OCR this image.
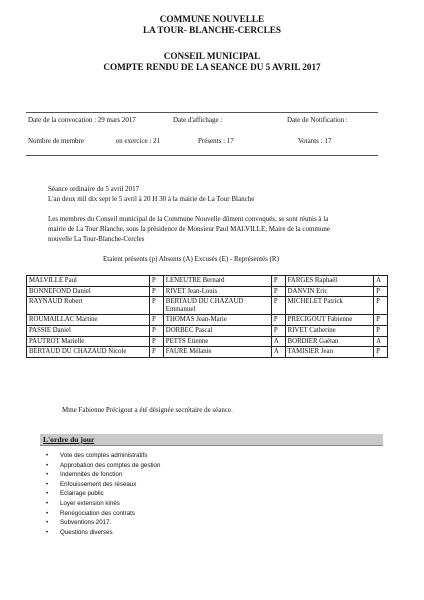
COMMUNE NOUVELLE
LA TOUR- BLANCHE-CERCLES
CONSEIL MUNICIPAL
COMPTE RENDU DE LA SEANCE DU 5 AVRIL 2017
Date de la convocation : 29 mars 2017	Date d'affichage :	Date de Notification :
Nombre de membre	en exercice : 21	Présents : 17	Votants : 17
Séance ordinaire du 5 avril 2017
L'an deux mil dix sept le 5 avril à 20 H 30 à la mairie de La Tour Blanche
Les membres du Conseil municipal de la Commune Nouvelle dûment convoqués, se sont réunis à la
mairie de La Tour Blanche, sous la présidence de Monsieur Paul MALVILLE, Maire de la commune
nouvelle La Tour-Blanche-Cercles
Etaient présents (p) Absents (A) Excusés (E) - Représentés (R)
MALVILLE Paul	P	LENEUTRE Bernard	P	FARGES Raphaël	A
BONNEFOND Daniel	P	RIVET Jean-Louis	P	DANVIN Eric	P
RAYNAUD Robert	P	BERTAUD DU CHAZAUD Emmanuel	P	MICHELET Patrick	P
ROUMAILLAC Martine	P	THOMAS Jean-Marie	P	PRECIGOUT Fabienne	P
PASSIE Daniel	P	DORBEC Pascal	P	RIVET Catherine	P
PAUTROT Marielle	P	PETTS Etienne	A	BORDIER Gaëtan	A
BERTAUD DU CHAZAUD Nicole	P	FAURE Mélanie	A	TAMISIER Jean	P
Mme Fabienne Précigout a été désignée secrétaire de séance.
L'ordre du jour
• Vote des comptes administratifs
• Approbation des comptes de gestion
• Indemnités de fonction
• Enfouissement des réseaux
• Eclairage public
• Loyer extension kinés
• Renégociation des contrats
• Subventions 2017.
• Questions diverses
